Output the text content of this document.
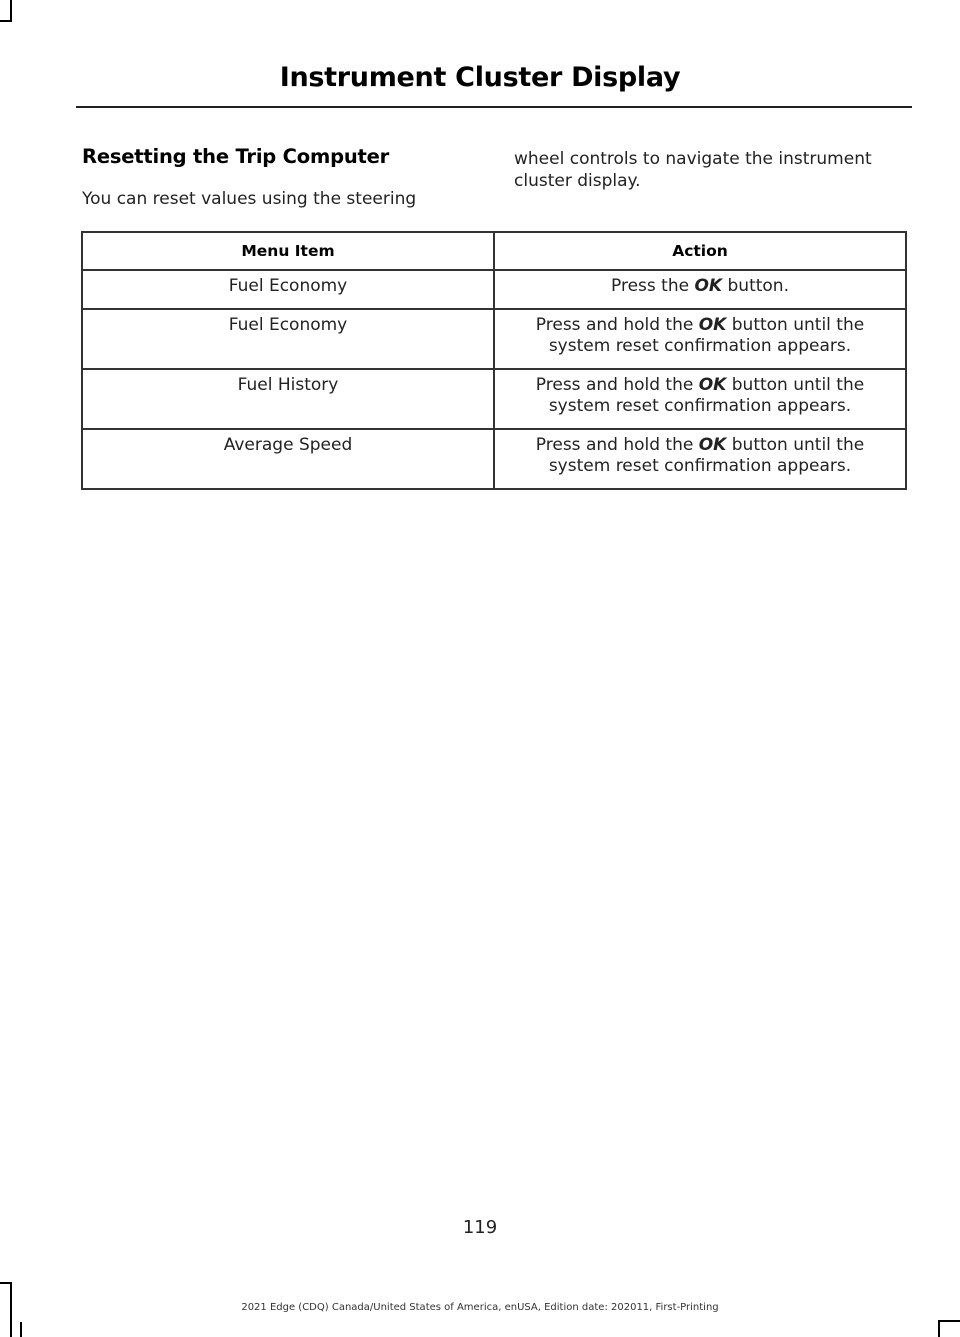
Instrument Cluster Display
Resetting the Trip Computer
You can reset values using the steering
wheel controls to navigate the instrument cluster display.
Menu Item	Action
Fuel Economy	Press the OK button.
Fuel Economy	Press and hold the OK button until the system reset confirmation appears.
Fuel History	Press and hold the OK button until the system reset confirmation appears.
Average Speed	Press and hold the OK button until the system reset confirmation appears.
119
2021 Edge (CDQ) Canada/United States of America, enUSA, Edition date: 202011, First-Printing
